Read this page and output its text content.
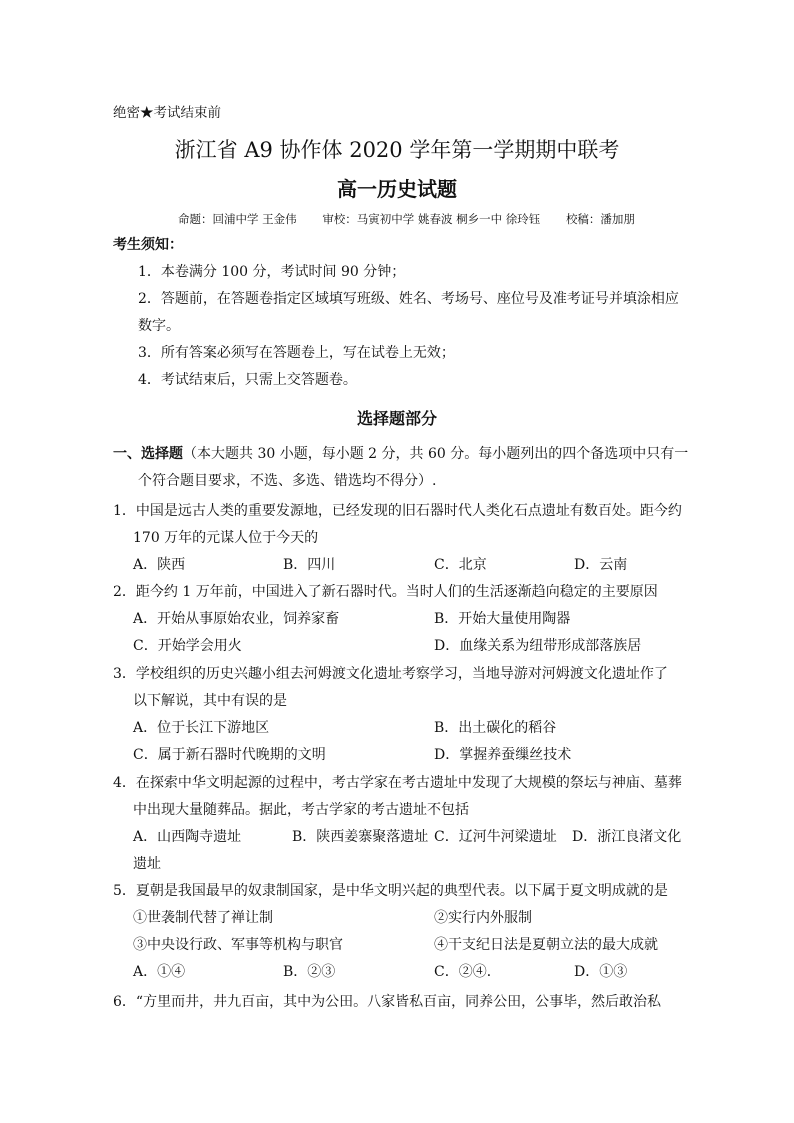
绝密★考试结束前
浙江省 A9 协作体 2020 学年第一学期期中联考
高一历史试题
命题：回浦中学 王金伟 审校：马寅初中学 姚春波 桐乡一中 徐玲钰 校稿：潘加朋
考生须知：
1．本卷满分 100 分，考试时间 90 分钟；
2．答题前，在答题卷指定区域填写班级、姓名、考场号、座位号及准考证号并填涂相应
数字。
3．所有答案必须写在答题卷上，写在试卷上无效；
4．考试结束后，只需上交答题卷。
选择题部分
一、选择题（本大题共 30 小题，每小题 2 分，共 60 分。每小题列出的四个备选项中只有一
个符合题目要求，不选、多选、错选均不得分）.
1．中国是远古人类的重要发源地，已经发现的旧石器时代人类化石点遗址有数百处。距今约
170 万年的元谋人位于今天的
A．陕西	B．四川	C．北京	D．云南
2．距今约 1 万年前，中国进入了新石器时代。当时人们的生活逐渐趋向稳定的主要原因
A．开始从事原始农业，饲养家畜	B．开始大量使用陶器
C．开始学会用火	D．血缘关系为纽带形成部落族居
3．学校组织的历史兴趣小组去河姆渡文化遗址考察学习，当地导游对河姆渡文化遗址作了
以下解说，其中有误的是
A．位于长江下游地区	B．出土碳化的稻谷
C．属于新石器时代晚期的文明	D．掌握养蚕缫丝技术
4．在探索中华文明起源的过程中，考古学家在考古遗址中发现了大规模的祭坛与神庙、墓葬
中出现大量随葬品。据此，考古学家的考古遗址不包括
A．山西陶寺遗址	B．陕西姜寨聚落遗址 C．辽河牛河梁遗址 D．浙江良渚文化
遗址
5．夏朝是我国最早的奴隶制国家，是中华文明兴起的典型代表。以下属于夏文明成就的是
①世袭制代替了禅让制	②实行内外服制
③中央设行政、军事等机构与职官	④干支纪日法是夏朝立法的最大成就
A．①④	B．②③	C．②④．	D．①③
6．“方里而井，井九百亩，其中为公田。八家皆私百亩，同养公田，公事毕，然后敢治私
